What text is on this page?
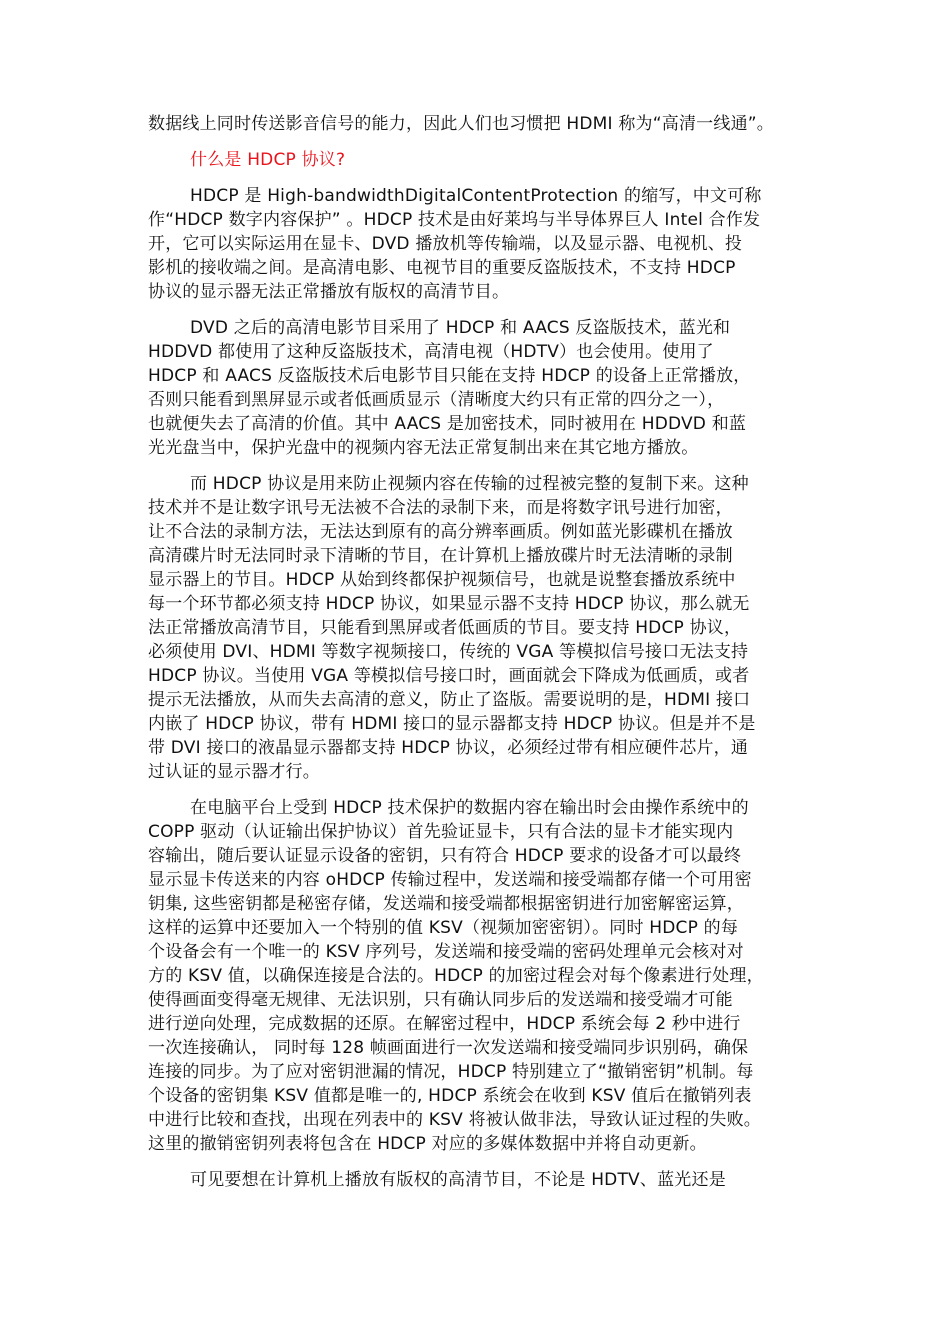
数据线上同时传送影音信号的能力，因此人们也习惯把 HDMI 称为“高清一线通”。
什么是 HDCP 协议?
HDCP 是 High-bandwidthDigitalContentProtection 的缩写，中文可称
作“HDCP 数字内容保护” 。HDCP 技术是由好莱坞与半导体界巨人 Intel 合作发
开，它可以实际运用在显卡、DVD 播放机等传输端，以及显示器、电视机、投
影机的接收端之间。是高清电影、电视节目的重要反盗版技术，不支持 HDCP
协议的显示器无法正常播放有版权的高清节目。
DVD 之后的高清电影节目采用了 HDCP 和 AACS 反盗版技术，蓝光和
HDDVD 都使用了这种反盗版技术，高清电视（HDTV）也会使用。使用了
HDCP 和 AACS 反盗版技术后电影节目只能在支持 HDCP 的设备上正常播放，
否则只能看到黑屏显示或者低画质显示（清晰度大约只有正常的四分之一），
也就便失去了高清的价值。其中 AACS 是加密技术，同时被用在 HDDVD 和蓝
光光盘当中，保护光盘中的视频内容无法正常复制出来在其它地方播放。
而 HDCP 协议是用来防止视频内容在传输的过程被完整的复制下来。这种
技术并不是让数字讯号无法被不合法的录制下来，而是将数字讯号进行加密，
让不合法的录制方法，无法达到原有的高分辨率画质。例如蓝光影碟机在播放
高清碟片时无法同时录下清晰的节目，在计算机上播放碟片时无法清晰的录制
显示器上的节目。HDCP 从始到终都保护视频信号，也就是说整套播放系统中
每一个环节都必须支持 HDCP 协议，如果显示器不支持 HDCP 协议，那么就无
法正常播放高清节目，只能看到黑屏或者低画质的节目。要支持 HDCP 协议，
必须使用 DVI、HDMI 等数字视频接口，传统的 VGA 等模拟信号接口无法支持
HDCP 协议。当使用 VGA 等模拟信号接口时，画面就会下降成为低画质，或者
提示无法播放，从而失去高清的意义，防止了盗版。需要说明的是，HDMI 接口
内嵌了 HDCP 协议，带有 HDMI 接口的显示器都支持 HDCP 协议。但是并不是
带 DVI 接口的液晶显示器都支持 HDCP 协议，必须经过带有相应硬件芯片，通
过认证的显示器才行。
在电脑平台上受到 HDCP 技术保护的数据内容在输出时会由操作系统中的
COPP 驱动（认证输出保护协议）首先验证显卡，只有合法的显卡才能实现内
容输出，随后要认证显示设备的密钥，只有符合 HDCP 要求的设备才可以最终
显示显卡传送来的内容 oHDCP 传输过程中，发送端和接受端都存储一个可用密
钥集, 这些密钥都是秘密存储，发送端和接受端都根据密钥进行加密解密运算，
这样的运算中还要加入一个特别的值 KSV（视频加密密钥）。同时 HDCP 的每
个设备会有一个唯一的 KSV 序列号，发送端和接受端的密码处理单元会核对对
方的 KSV 值，以确保连接是合法的。HDCP 的加密过程会对每个像素进行处理，
使得画面变得毫无规律、无法识别，只有确认同步后的发送端和接受端才可能
进行逆向处理，完成数据的还原。在解密过程中，HDCP 系统会每 2 秒中进行
一次连接确认， 同时每 128 帧画面进行一次发送端和接受端同步识别码，确保
连接的同步。为了应对密钥泄漏的情况，HDCP 特别建立了“撤销密钥”机制。每
个设备的密钥集 KSV 值都是唯一的, HDCP 系统会在收到 KSV 值后在撤销列表
中进行比较和查找，出现在列表中的 KSV 将被认做非法，导致认证过程的失败。
这里的撤销密钥列表将包含在 HDCP 对应的多媒体数据中并将自动更新。
可见要想在计算机上播放有版权的高清节目，不论是 HDTV、蓝光还是
